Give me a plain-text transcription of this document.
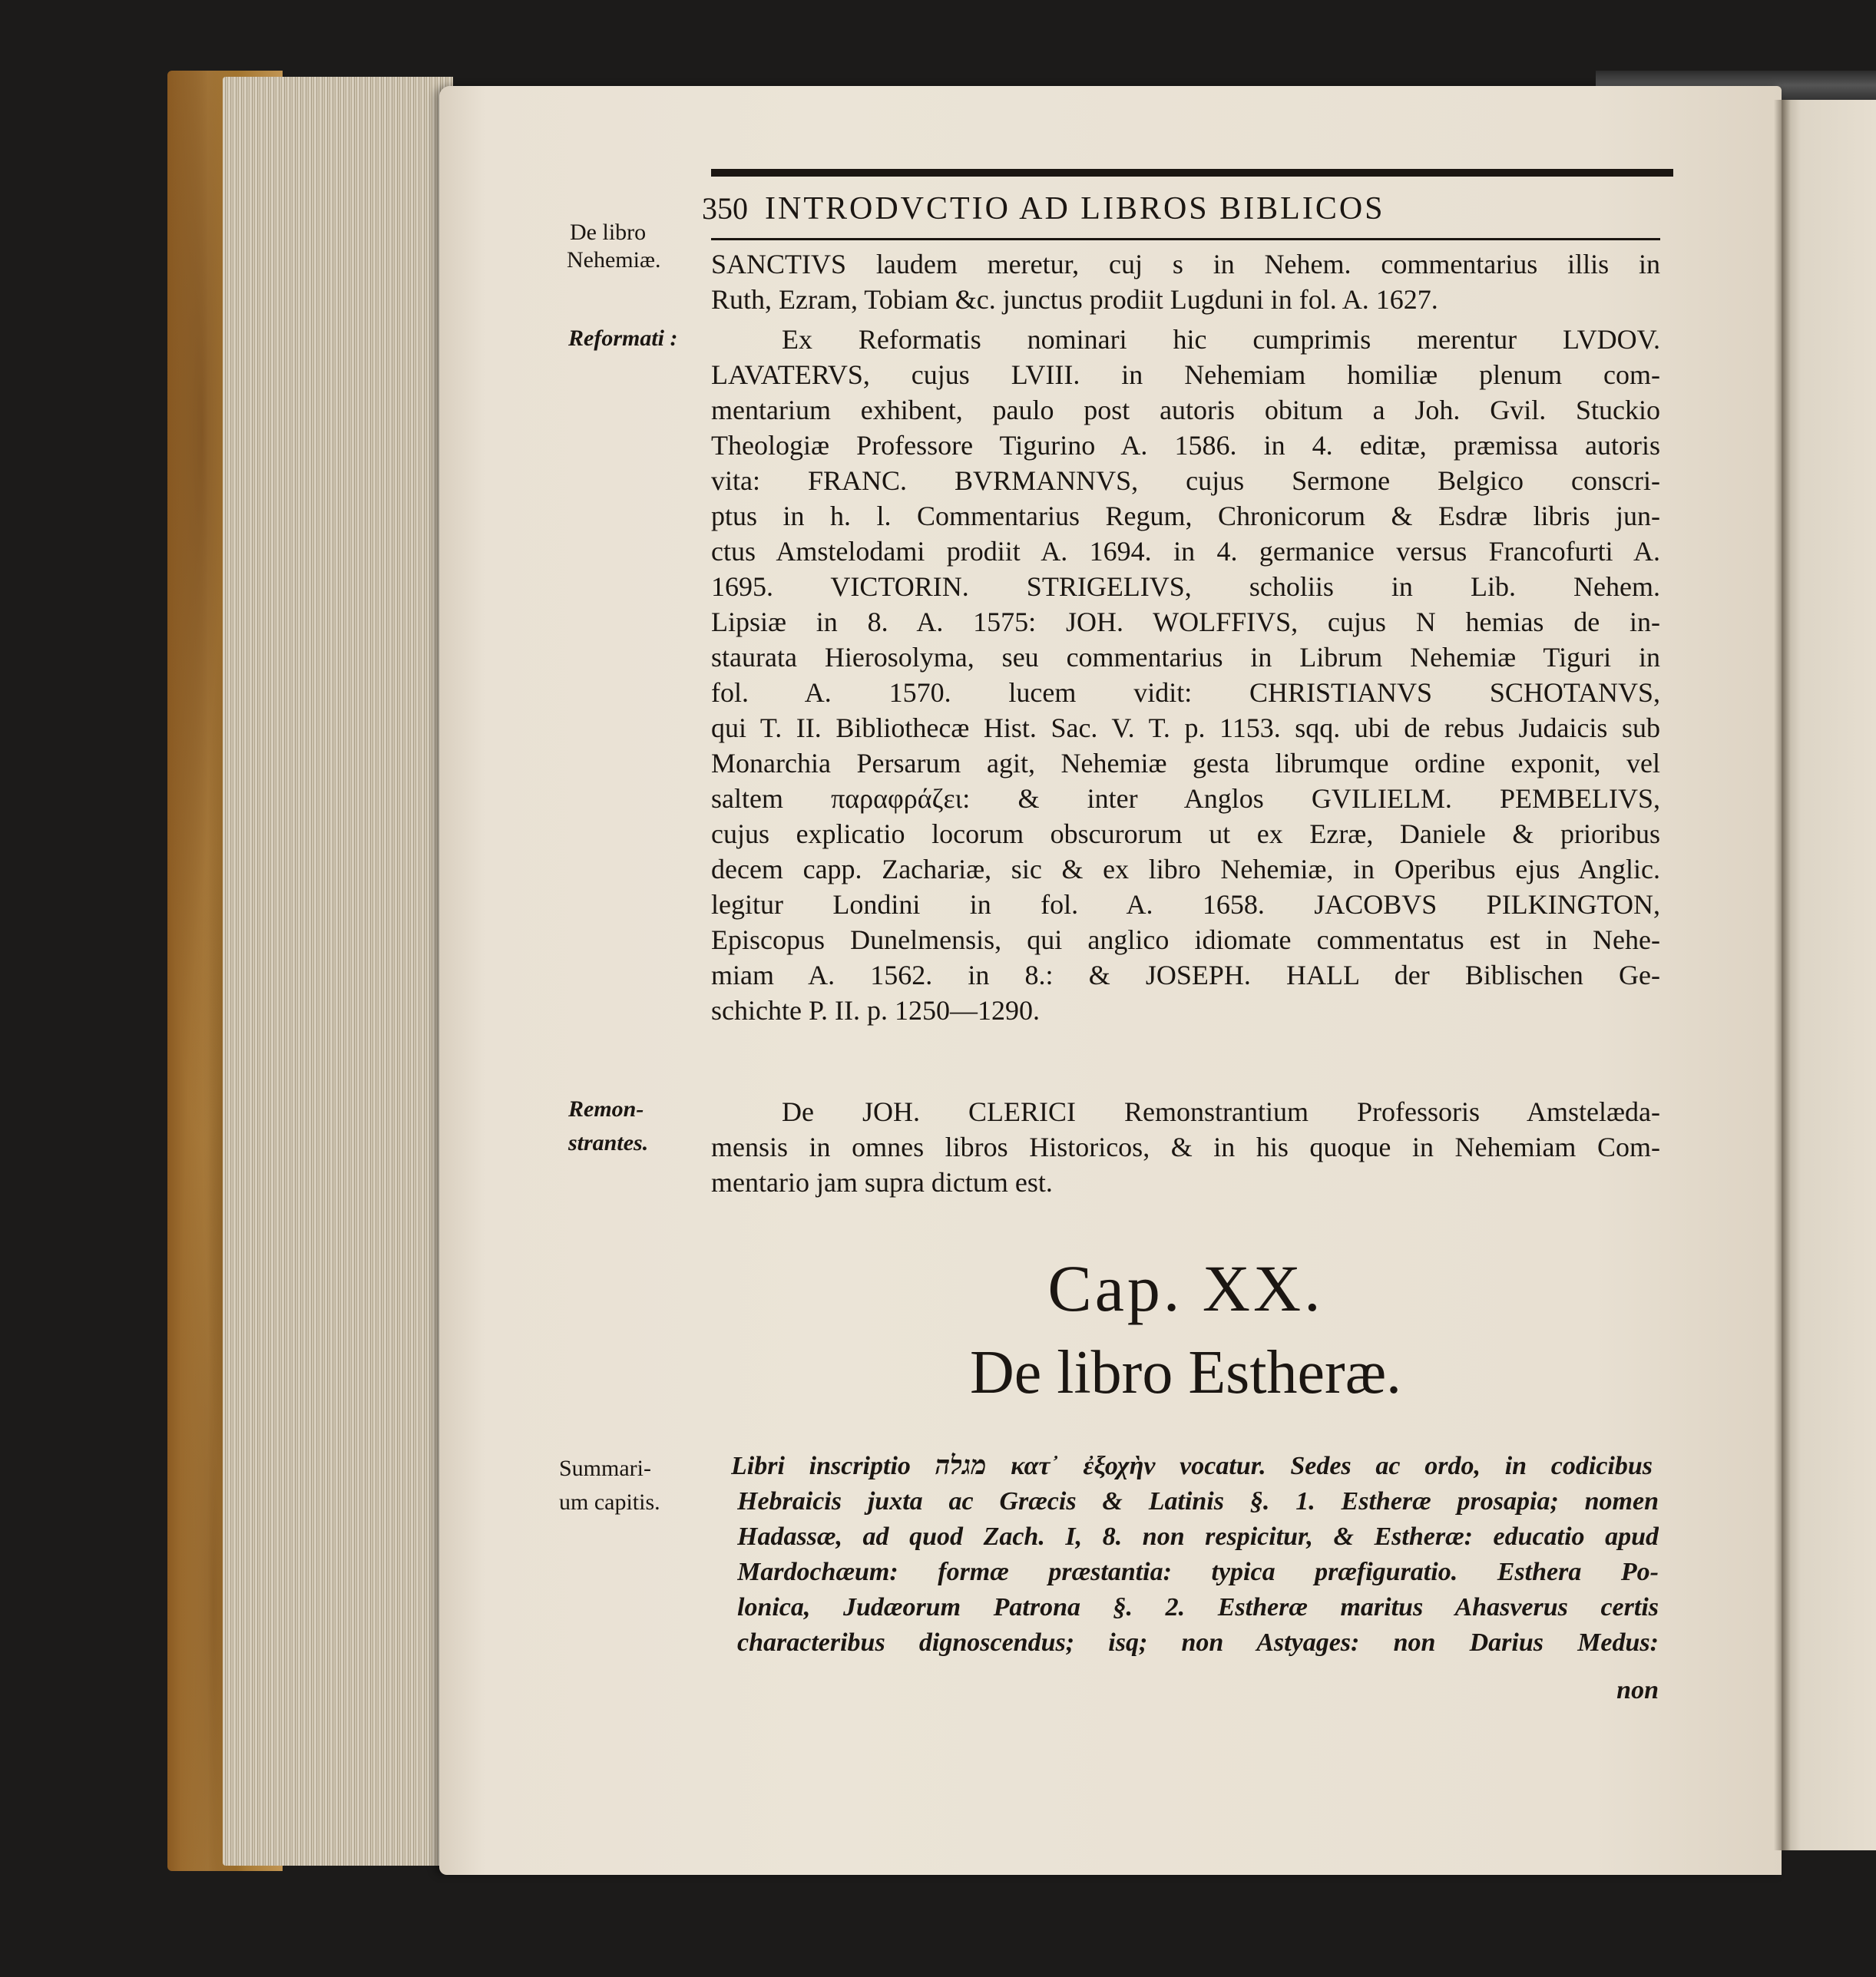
350 INTRODVCTIO AD LIBROS BIBLICOS
De libro
Nehemiæ.
Reformati :
Remon-
strantes.
Summari-
um capitis.
SANCTIVS laudem meretur, cuj s in Nehem. commentarius illis in
Ruth, Ezram, Tobiam &c. junctus prodiit Lugduni in fol. A. 1627.
Ex Reformatis nominari hic cumprimis merentur LVDOV.
LAVATERVS, cujus LVIII. in Nehemiam homiliæ plenum com-
mentarium exhibent, paulo post autoris obitum a Joh. Gvil. Stuckio
Theologiæ Professore Tigurino A. 1586. in 4. editæ, præmissa autoris
vita: FRANC. BVRMANNVS, cujus Sermone Belgico conscri-
ptus in h. l. Commentarius Regum, Chronicorum & Esdræ libris jun-
ctus Amstelodami prodiit A. 1694. in 4. germanice versus Francofurti A.
1695. VICTORIN. STRIGELIVS, scholiis in Lib. Nehem.
Lipsiæ in 8. A. 1575: JOH. WOLFFIVS, cujus N hemias de in-
staurata Hierosolyma, seu commentarius in Librum Nehemiæ Tiguri in
fol. A. 1570. lucem vidit: CHRISTIANVS SCHOTANVS,
qui T. II. Bibliothecæ Hist. Sac. V. T. p. 1153. sqq. ubi de rebus Judaicis sub
Monarchia Persarum agit, Nehemiæ gesta librumque ordine exponit, vel
saltem παραφράζει: & inter Anglos GVILIELM. PEMBELIVS,
cujus explicatio locorum obscurorum ut ex Ezræ, Daniele & prioribus
decem capp. Zachariæ, sic & ex libro Nehemiæ, in Operibus ejus Anglic.
legitur Londini in fol. A. 1658. JACOBVS PILKINGTON,
Episcopus Dunelmensis, qui anglico idiomate commentatus est in Nehe-
miam A. 1562. in 8.: & JOSEPH. HALL der Biblischen Ge-
schichte P. II. p. 1250—1290.
De JOH. CLERICI Remonstrantium Professoris Amstelæda-
mensis in omnes libros Historicos, & in his quoque in Nehemiam Com-
mentario jam supra dictum est.
Cap. XX.
De libro Estheræ.
Libri inscriptio מגלה κατ᾽ ἐξοχὴν vocatur. Sedes ac ordo, in codicibus
Hebraicis juxta ac Græcis & Latinis §. 1. Estheræ prosapia; nomen
Hadassæ, ad quod Zach. I, 8. non respicitur, & Estheræ: educatio apud
Mardochæum: formæ præstantia: typica præfiguratio. Esthera Po-
lonica, Judæorum Patrona §. 2. Estheræ maritus Ahasverus certis
characteribus dignoscendus; isq; non Astyages: non Darius Medus:
non
